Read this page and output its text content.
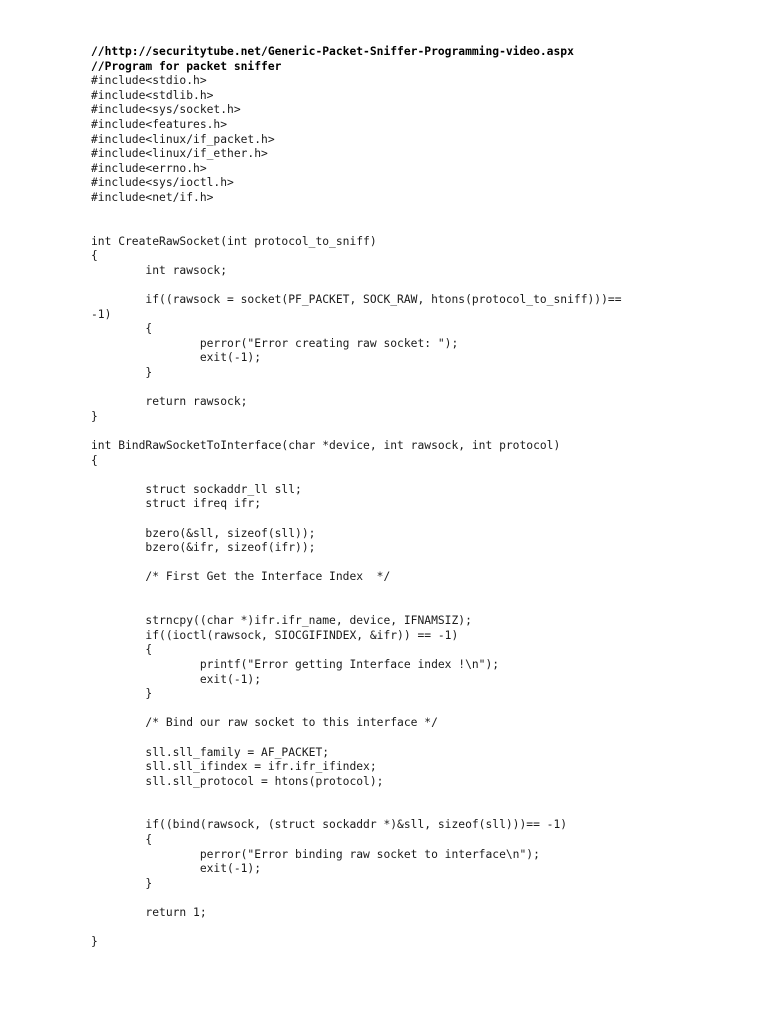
//http://securitytube.net/Generic-Packet-Sniffer-Programming-video.aspx
//Program for packet sniffer
#include<stdio.h>
#include<stdlib.h>
#include<sys/socket.h>
#include<features.h>
#include<linux/if_packet.h>
#include<linux/if_ether.h>
#include<errno.h>
#include<sys/ioctl.h>
#include<net/if.h>
int CreateRawSocket(int protocol_to_sniff)
{
int rawsock;
if((rawsock = socket(PF_PACKET, SOCK_RAW, htons(protocol_to_sniff)))==
-1)
{
perror("Error creating raw socket: ");
exit(-1);
}
return rawsock;
}
int BindRawSocketToInterface(char *device, int rawsock, int protocol)
{
struct sockaddr_ll sll;
struct ifreq ifr;
bzero(&sll, sizeof(sll));
bzero(&ifr, sizeof(ifr));
/* First Get the Interface Index  */
strncpy((char *)ifr.ifr_name, device, IFNAMSIZ);
if((ioctl(rawsock, SIOCGIFINDEX, &ifr)) == -1)
{
printf("Error getting Interface index !\n");
exit(-1);
}
/* Bind our raw socket to this interface */
sll.sll_family = AF_PACKET;
sll.sll_ifindex = ifr.ifr_ifindex;
sll.sll_protocol = htons(protocol);
if((bind(rawsock, (struct sockaddr *)&sll, sizeof(sll)))== -1)
{
perror("Error binding raw socket to interface\n");
exit(-1);
}
return 1;
}
